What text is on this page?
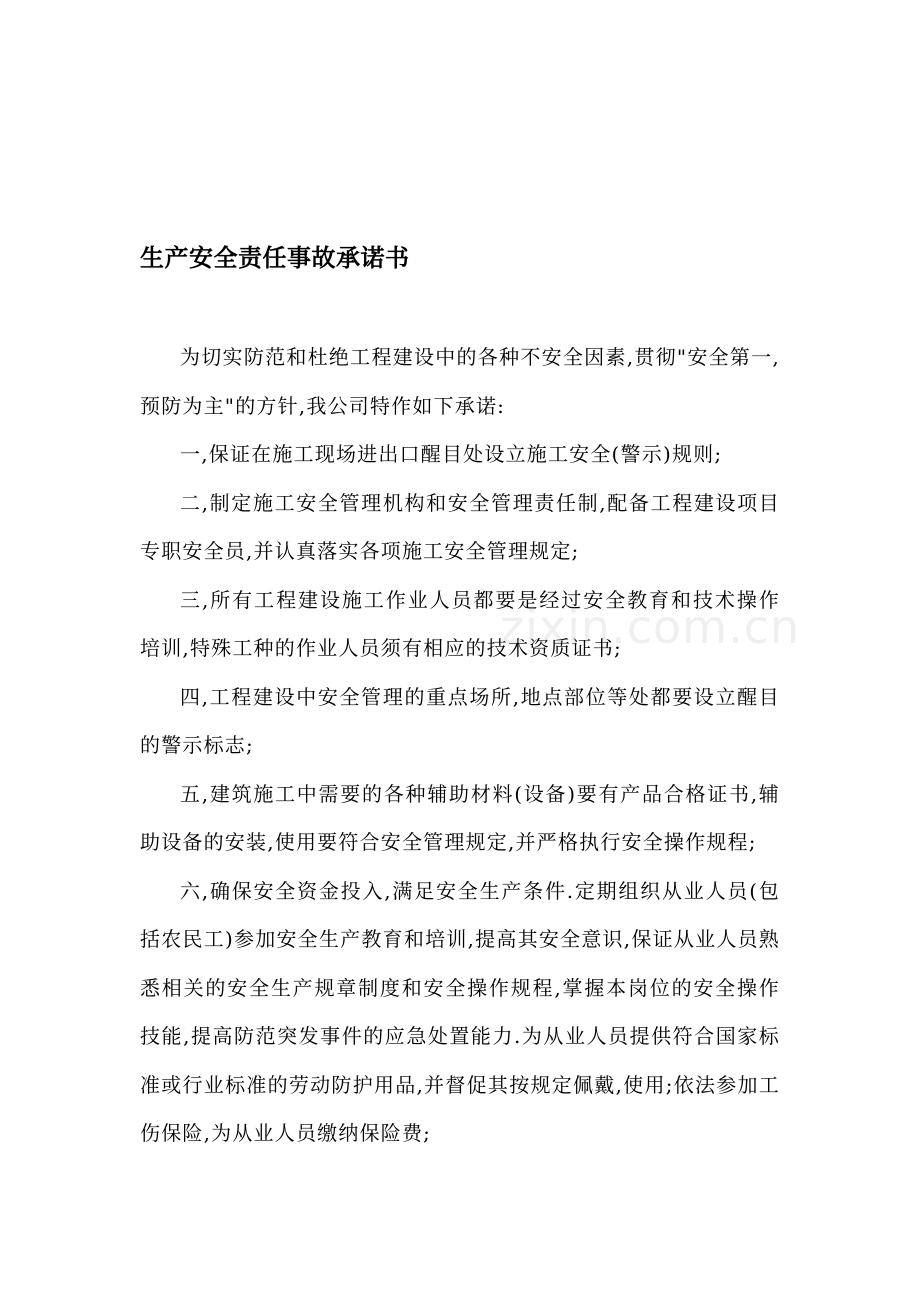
生产安全责任事故承诺书

为切实防范和杜绝工程建设中的各种不安全因素,贯彻"安全第一,预防为主"的方针,我公司特作如下承诺:

一,保证在施工现场进出口醒目处设立施工安全(警示)规则;

二,制定施工安全管理机构和安全管理责任制,配备工程建设项目专职安全员,并认真落实各项施工安全管理规定;

三,所有工程建设施工作业人员都要是经过安全教育和技术操作培训,特殊工种的作业人员须有相应的技术资质证书;

四,工程建设中安全管理的重点场所,地点部位等处都要设立醒目的警示标志;

五,建筑施工中需要的各种辅助材料(设备)要有产品合格证书,辅助设备的安装,使用要符合安全管理规定,并严格执行安全操作规程;

六,确保安全资金投入,满足安全生产条件.定期组织从业人员(包括农民工)参加安全生产教育和培训,提高其安全意识,保证从业人员熟悉相关的安全生产规章制度和安全操作规程,掌握本岗位的安全操作技能,提高防范突发事件的应急处置能力.为从业人员提供符合国家标准或行业标准的劳动防护用品,并督促其按规定佩戴,使用;依法参加工伤保险,为从业人员缴纳保险费;

zixin.com.cn
